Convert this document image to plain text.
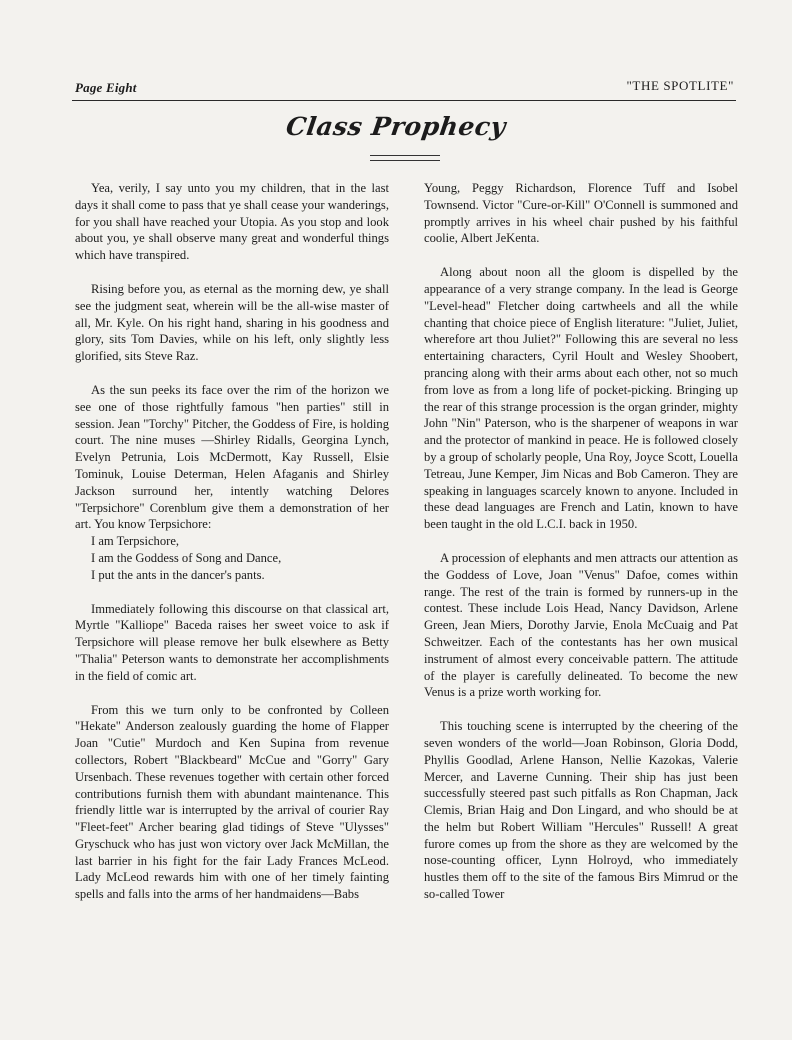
Page Eight	"THE SPOTLITE"
Class Prophecy

Yea, verily, I say unto you my children, that in the last days it shall come to pass that ye shall cease your wanderings, for you shall have reached your Utopia. As you stop and look about you, ye shall observe many great and wonderful things which have transpired.

Rising before you, as eternal as the morning dew, ye shall see the judgment seat, wherein will be the all-wise master of all, Mr. Kyle. On his right hand, sharing in his goodness and glory, sits Tom Davies, while on his left, only slightly less glorified, sits Steve Raz.

As the sun peeks its face over the rim of the horizon we see one of those rightfully famous "hen parties" still in session. Jean "Torchy" Pitcher, the Goddess of Fire, is holding court. The nine muses —Shirley Ridalls, Georgina Lynch, Evelyn Petrunia, Lois McDermott, Kay Russell, Elsie Tominuk, Louise Determan, Helen Afaganis and Shirley Jackson surround her, intently watching Delores "Terpsichore" Corenblum give them a demonstration of her art. You know Terpsichore:

I am Terpsichore,
I am the Goddess of Song and Dance,
I put the ants in the dancer's pants.

Immediately following this discourse on that classical art, Myrtle "Kalliope" Baceda raises her sweet voice to ask if Terpsichore will please remove her bulk elsewhere as Betty "Thalia" Peterson wants to demonstrate her accomplishments in the field of comic art.

From this we turn only to be confronted by Colleen "Hekate" Anderson zealously guarding the home of Flapper Joan "Cutie" Murdoch and Ken Supina from revenue collectors, Robert "Blackbeard" McCue and "Gorry" Gary Ursenbach. These revenues together with certain other forced contributions furnish them with abundant maintenance. This friendly little war is interrupted by the arrival of courier Ray "Fleet-feet" Archer bearing glad tidings of Steve "Ulysses" Gryschuck who has just won victory over Jack McMillan, the last barrier in his fight for the fair Lady Frances McLeod. Lady McLeod rewards him with one of her timely fainting spells and falls into the arms of her handmaidens—Babs

Young, Peggy Richardson, Florence Tuff and Isobel Townsend. Victor "Cure-or-Kill" O'Connell is summoned and promptly arrives in his wheel chair pushed by his faithful coolie, Albert JeKenta.

Along about noon all the gloom is dispelled by the appearance of a very strange company. In the lead is George "Level-head" Fletcher doing cartwheels and all the while chanting that choice piece of English literature: "Juliet, Juliet, wherefore art thou Juliet?" Following this are several no less entertaining characters, Cyril Hoult and Wesley Shoobert, prancing along with their arms about each other, not so much from love as from a long life of pocket-picking. Bringing up the rear of this strange procession is the organ grinder, mighty John "Nin" Paterson, who is the sharpener of weapons in war and the protector of mankind in peace. He is followed closely by a group of scholarly people, Una Roy, Joyce Scott, Louella Tetreau, June Kemper, Jim Nicas and Bob Cameron. They are speaking in languages scarcely known to anyone. Included in these dead languages are French and Latin, known to have been taught in the old L.C.I. back in 1950.

A procession of elephants and men attracts our attention as the Goddess of Love, Joan "Venus" Dafoe, comes within range. The rest of the train is formed by runners-up in the contest. These include Lois Head, Nancy Davidson, Arlene Green, Jean Miers, Dorothy Jarvie, Enola McCuaig and Pat Schweitzer. Each of the contestants has her own musical instrument of almost every conceivable pattern. The attitude of the player is carefully delineated. To become the new Venus is a prize worth working for.

This touching scene is interrupted by the cheering of the seven wonders of the world—Joan Robinson, Gloria Dodd, Phyllis Goodlad, Arlene Hanson, Nellie Kazokas, Valerie Mercer, and Laverne Cunning. Their ship has just been successfully steered past such pitfalls as Ron Chapman, Jack Clemis, Brian Haig and Don Lingard, and who should be at the helm but Robert William "Hercules" Russell! A great furore comes up from the shore as they are welcomed by the nose-counting officer, Lynn Holroyd, who immediately hustles them off to the site of the famous Birs Mimrud or the so-called Tower
